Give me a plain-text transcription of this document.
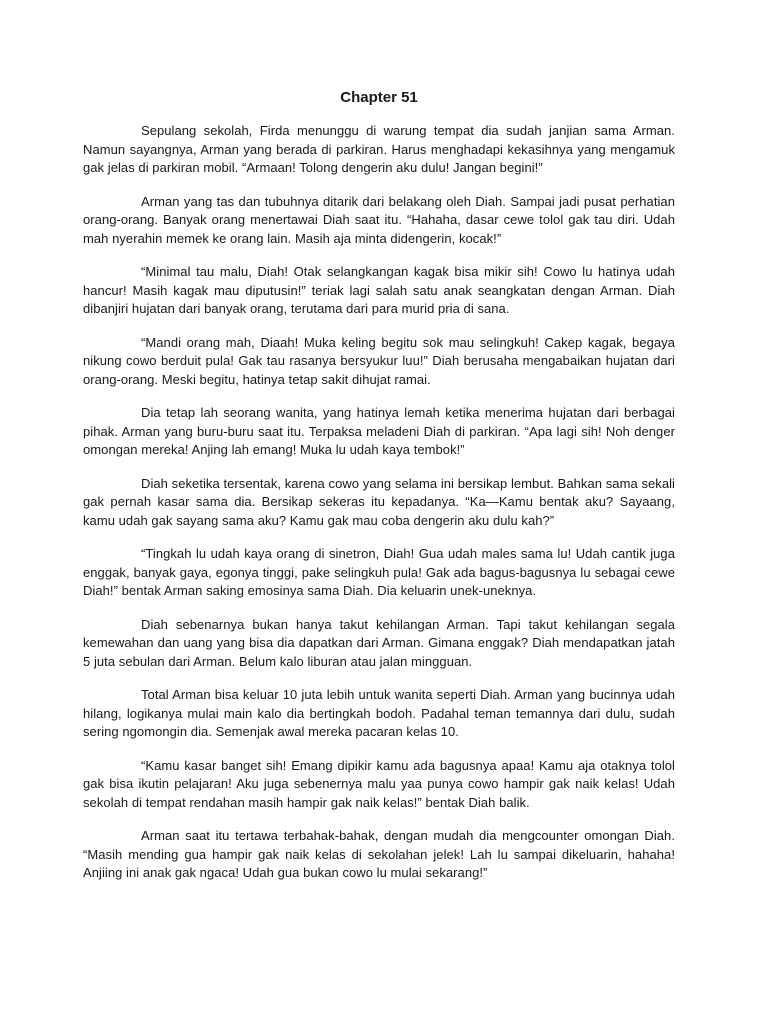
Chapter 51

Sepulang sekolah, Firda menunggu di warung tempat dia sudah janjian sama Arman. Namun sayangnya, Arman yang berada di parkiran. Harus menghadapi kekasihnya yang mengamuk gak jelas di parkiran mobil. “Armaan! Tolong dengerin aku dulu! Jangan begini!”

Arman yang tas dan tubuhnya ditarik dari belakang oleh Diah. Sampai jadi pusat perhatian orang-orang. Banyak orang menertawai Diah saat itu. “Hahaha, dasar cewe tolol gak tau diri. Udah mah nyerahin memek ke orang lain. Masih aja minta didengerin, kocak!”

“Minimal tau malu, Diah! Otak selangkangan kagak bisa mikir sih! Cowo lu hatinya udah hancur! Masih kagak mau diputusin!” teriak lagi salah satu anak seangkatan dengan Arman. Diah dibanjiri hujatan dari banyak orang, terutama dari para murid pria di sana.

“Mandi orang mah, Diaah! Muka keling begitu sok mau selingkuh! Cakep kagak, begaya nikung cowo berduit pula! Gak tau rasanya bersyukur luu!” Diah berusaha mengabaikan hujatan dari orang-orang. Meski begitu, hatinya tetap sakit dihujat ramai.

Dia tetap lah seorang wanita, yang hatinya lemah ketika menerima hujatan dari berbagai pihak. Arman yang buru-buru saat itu. Terpaksa meladeni Diah di parkiran. “Apa lagi sih! Noh denger omongan mereka! Anjing lah emang! Muka lu udah kaya tembok!”

Diah seketika tersentak, karena cowo yang selama ini bersikap lembut. Bahkan sama sekali gak pernah kasar sama dia. Bersikap sekeras itu kepadanya. “Ka—Kamu bentak aku? Sayaang, kamu udah gak sayang sama aku? Kamu gak mau coba dengerin aku dulu kah?”

“Tingkah lu udah kaya orang di sinetron, Diah! Gua udah males sama lu! Udah cantik juga enggak, banyak gaya, egonya tinggi, pake selingkuh pula! Gak ada bagus-bagusnya lu sebagai cewe Diah!” bentak Arman saking emosinya sama Diah. Dia keluarin unek-uneknya.

Diah sebenarnya bukan hanya takut kehilangan Arman. Tapi takut kehilangan segala kemewahan dan uang yang bisa dia dapatkan dari Arman. Gimana enggak? Diah mendapatkan jatah 5 juta sebulan dari Arman. Belum kalo liburan atau jalan mingguan.

Total Arman bisa keluar 10 juta lebih untuk wanita seperti Diah. Arman yang bucinnya udah hilang, logikanya mulai main kalo dia bertingkah bodoh. Padahal teman temannya dari dulu, sudah sering ngomongin dia. Semenjak awal mereka pacaran kelas 10.

“Kamu kasar banget sih! Emang dipikir kamu ada bagusnya apaa! Kamu aja otaknya tolol gak bisa ikutin pelajaran! Aku juga sebenernya malu yaa punya cowo hampir gak naik kelas! Udah sekolah di tempat rendahan masih hampir gak naik kelas!” bentak Diah balik.

Arman saat itu tertawa terbahak-bahak, dengan mudah dia mengcounter omongan Diah. “Masih mending gua hampir gak naik kelas di sekolahan jelek! Lah lu sampai dikeluarin, hahaha! Anjiing ini anak gak ngaca! Udah gua bukan cowo lu mulai sekarang!”
